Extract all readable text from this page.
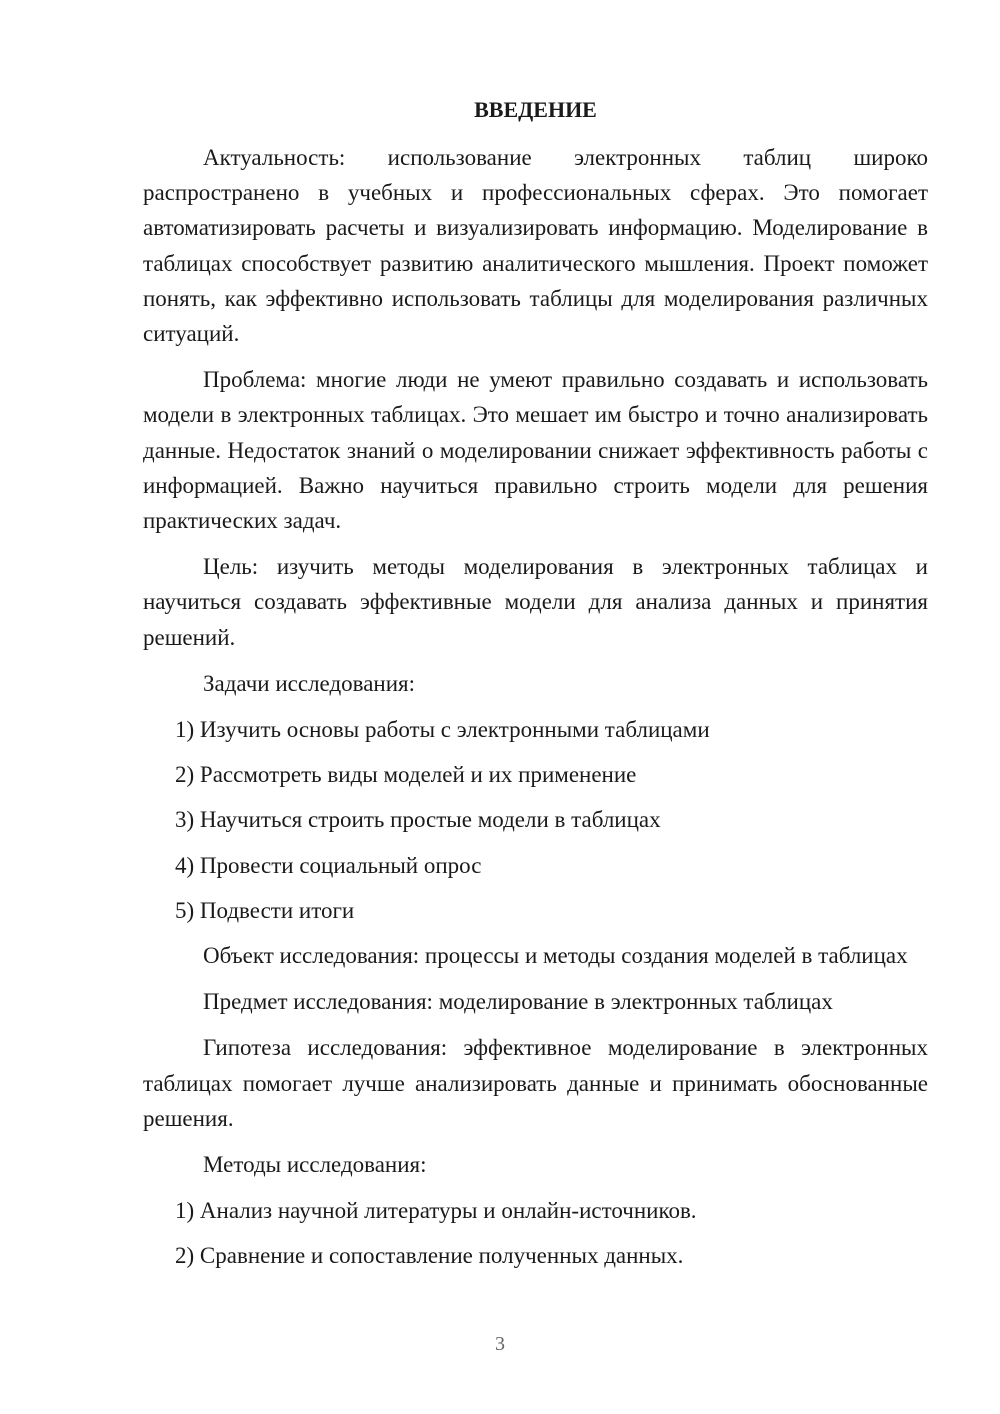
ВВЕДЕНИЕ
Актуальность: использование электронных таблиц широко распространено в учебных и профессиональных сферах. Это помогает автоматизировать расчеты и визуализировать информацию. Моделирование в таблицах способствует развитию аналитического мышления. Проект поможет понять, как эффективно использовать таблицы для моделирования различных ситуаций.
Проблема: многие люди не умеют правильно создавать и использовать модели в электронных таблицах. Это мешает им быстро и точно анализировать данные. Недостаток знаний о моделировании снижает эффективность работы с информацией. Важно научиться правильно строить модели для решения практических задач.
Цель: изучить методы моделирования в электронных таблицах и научиться создавать эффективные модели для анализа данных и принятия решений.
Задачи исследования:
1) Изучить основы работы с электронными таблицами
2) Рассмотреть виды моделей и их применение
3) Научиться строить простые модели в таблицах
4) Провести социальный опрос
5) Подвести итоги
Объект исследования: процессы и методы создания моделей в таблицах
Предмет исследования: моделирование в электронных таблицах
Гипотеза исследования: эффективное моделирование в электронных таблицах помогает лучше анализировать данные и принимать обоснованные решения.
Методы исследования:
1) Анализ научной литературы и онлайн-источников.
2) Сравнение и сопоставление полученных данных.
3
